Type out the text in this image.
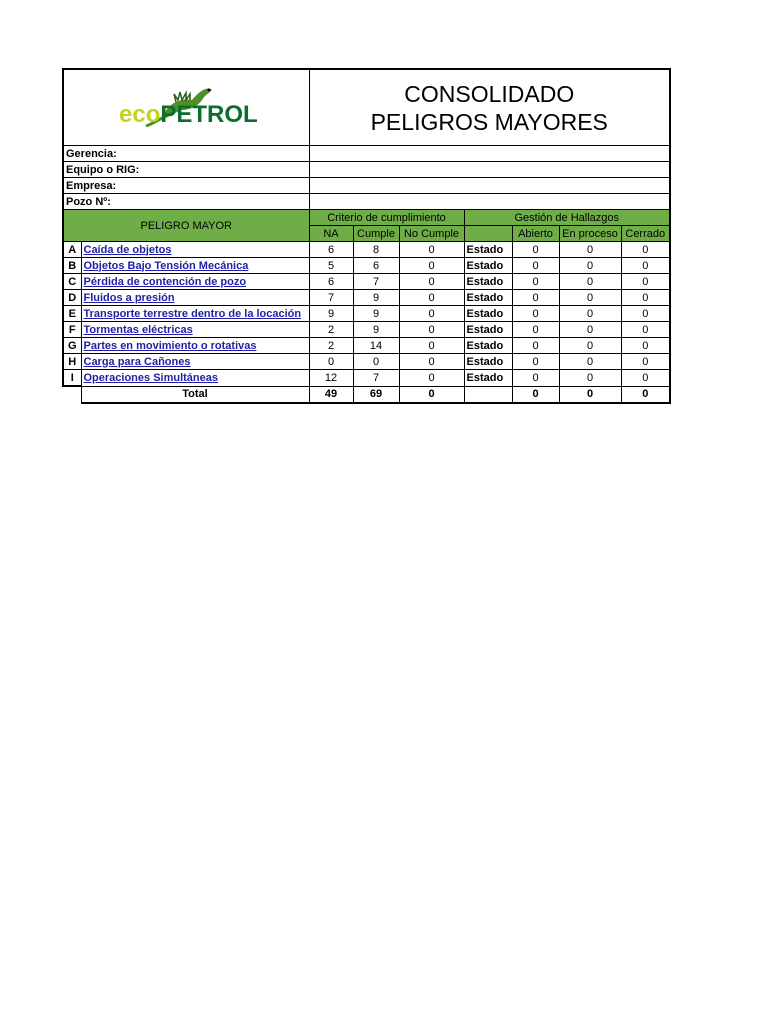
ecoPETROL		CONSOLIDADO
PELIGROS MAYORES						

Gerencia:								
Equipo o RIG:								
Empresa:								
Pozo Nº:								
PELIGRO MAYOR		Criterio de cumplimiento			Gestión de Hallazgos			
		NA	Cumple	No Cumple		Abierto	En proceso	Cerrado
A	Caída de objetos	6	8	0	Estado	0	0	0
B	Objetos Bajo Tensión Mecánica	5	6	0	Estado	0	0	0
C	Pérdida de contención de pozo	6	7	0	Estado	0	0	0
D	Fluidos a presión	7	9	0	Estado	0	0	0
E	Transporte terrestre dentro de la locación	9	9	0	Estado	0	0	0
F	Tormentas eléctricas	2	9	0	Estado	0	0	0
G	Partes en movimiento o rotativas	2	14	0	Estado	0	0	0
H	Carga para Cañones	0	0	0	Estado	0	0	0
I	Operaciones Simultáneas	12	7	0	Estado	0	0	0
	Total	49	69	0		0	0	0
